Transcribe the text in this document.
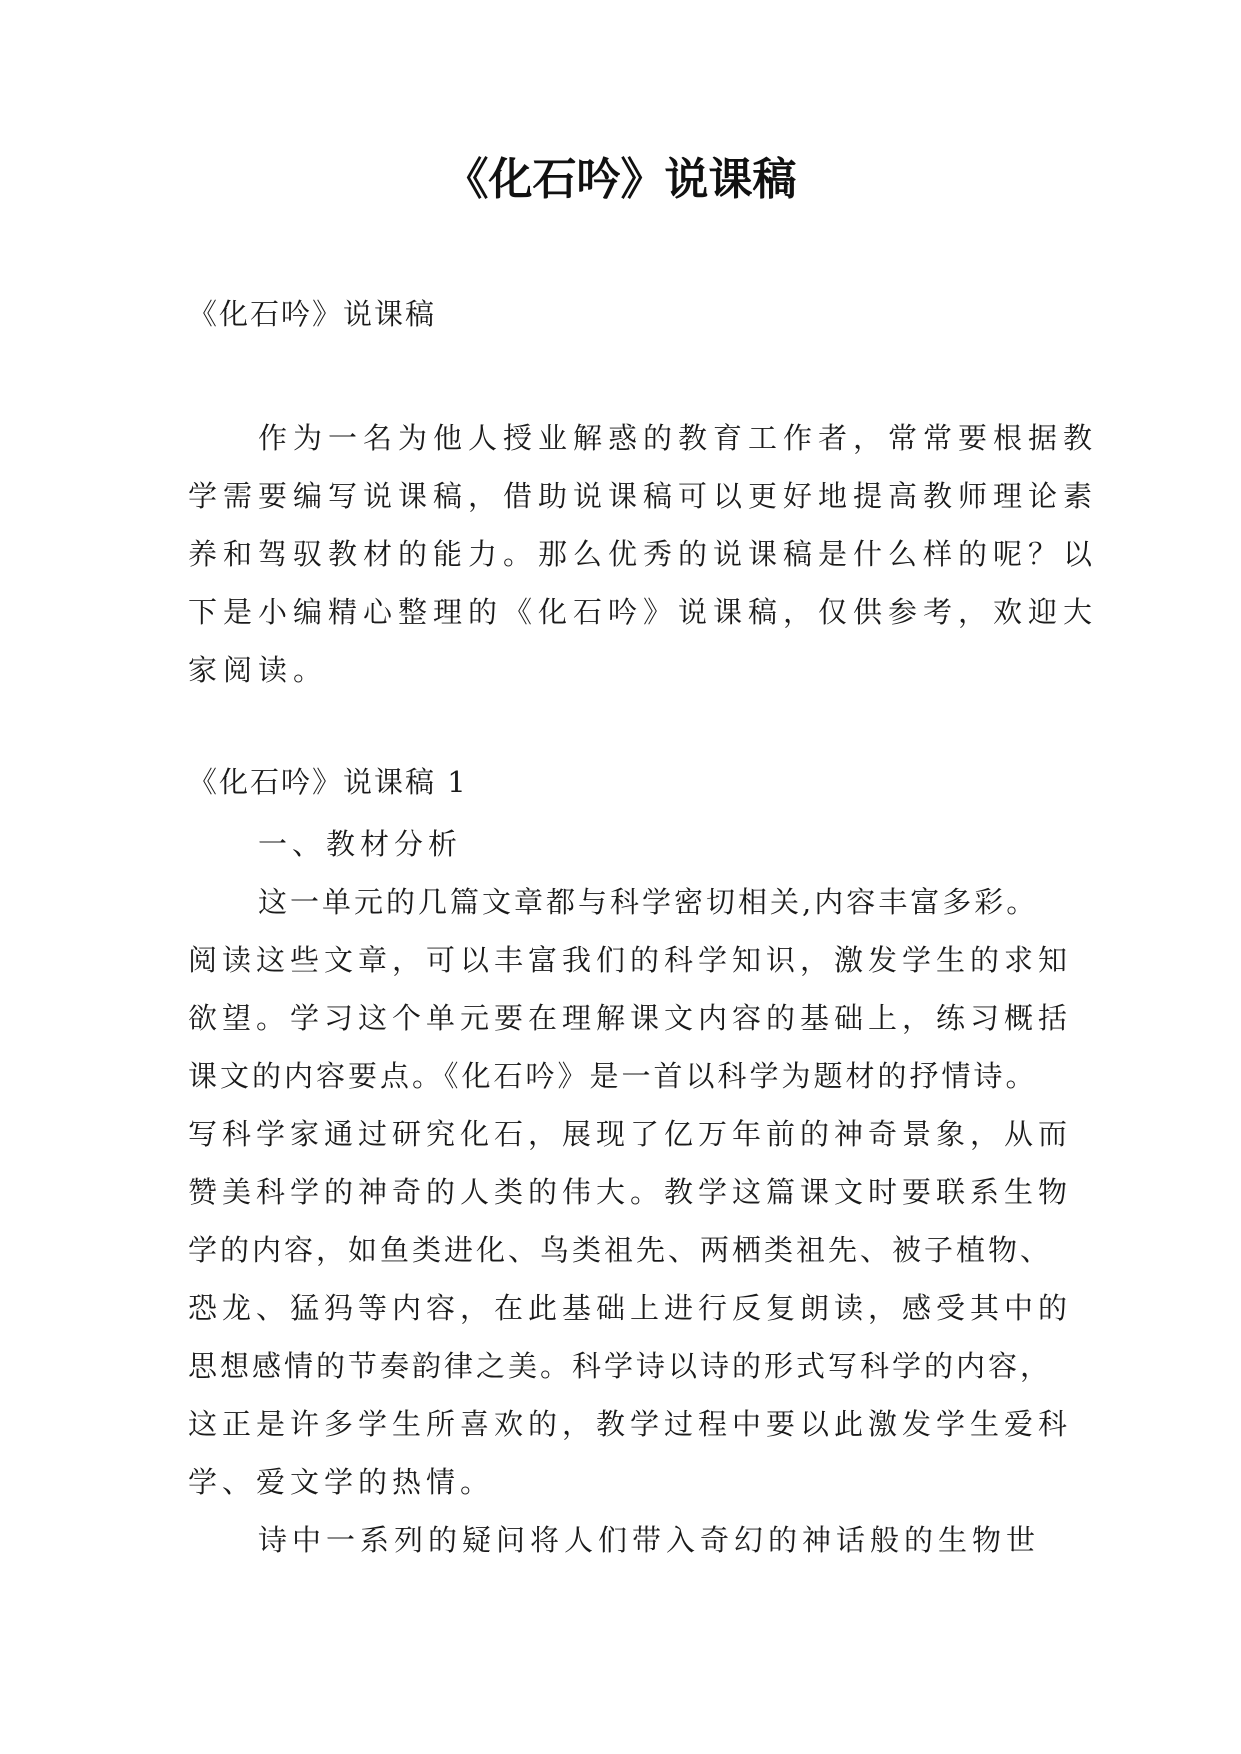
《化石吟》说课稿

《化石吟》说课稿

作为一名为他人授业解惑的教育工作者，常常要根据教
学需要编写说课稿，借助说课稿可以更好地提高教师理论素
养和驾驭教材的能力。那么优秀的说课稿是什么样的呢？以
下是小编精心整理的《化石吟》说课稿，仅供参考，欢迎大
家阅读。

《化石吟》说课稿 1

一、教材分析
这一单元的几篇文章都与科学密切相关,内容丰富多彩。
阅读这些文章，可以丰富我们的科学知识，激发学生的求知
欲望。学习这个单元要在理解课文内容的基础上，练习概括
课文的内容要点。《化石吟》是一首以科学为题材的抒情诗。
写科学家通过研究化石，展现了亿万年前的神奇景象，从而
赞美科学的神奇的人类的伟大。教学这篇课文时要联系生物
学的内容，如鱼类进化、鸟类祖先、两栖类祖先、被子植物、
恐龙、猛犸等内容，在此基础上进行反复朗读，感受其中的
思想感情的节奏韵律之美。科学诗以诗的形式写科学的内容，
这正是许多学生所喜欢的，教学过程中要以此激发学生爱科
学、爱文学的热情。
诗中一系列的疑问将人们带入奇幻的神话般的生物世
